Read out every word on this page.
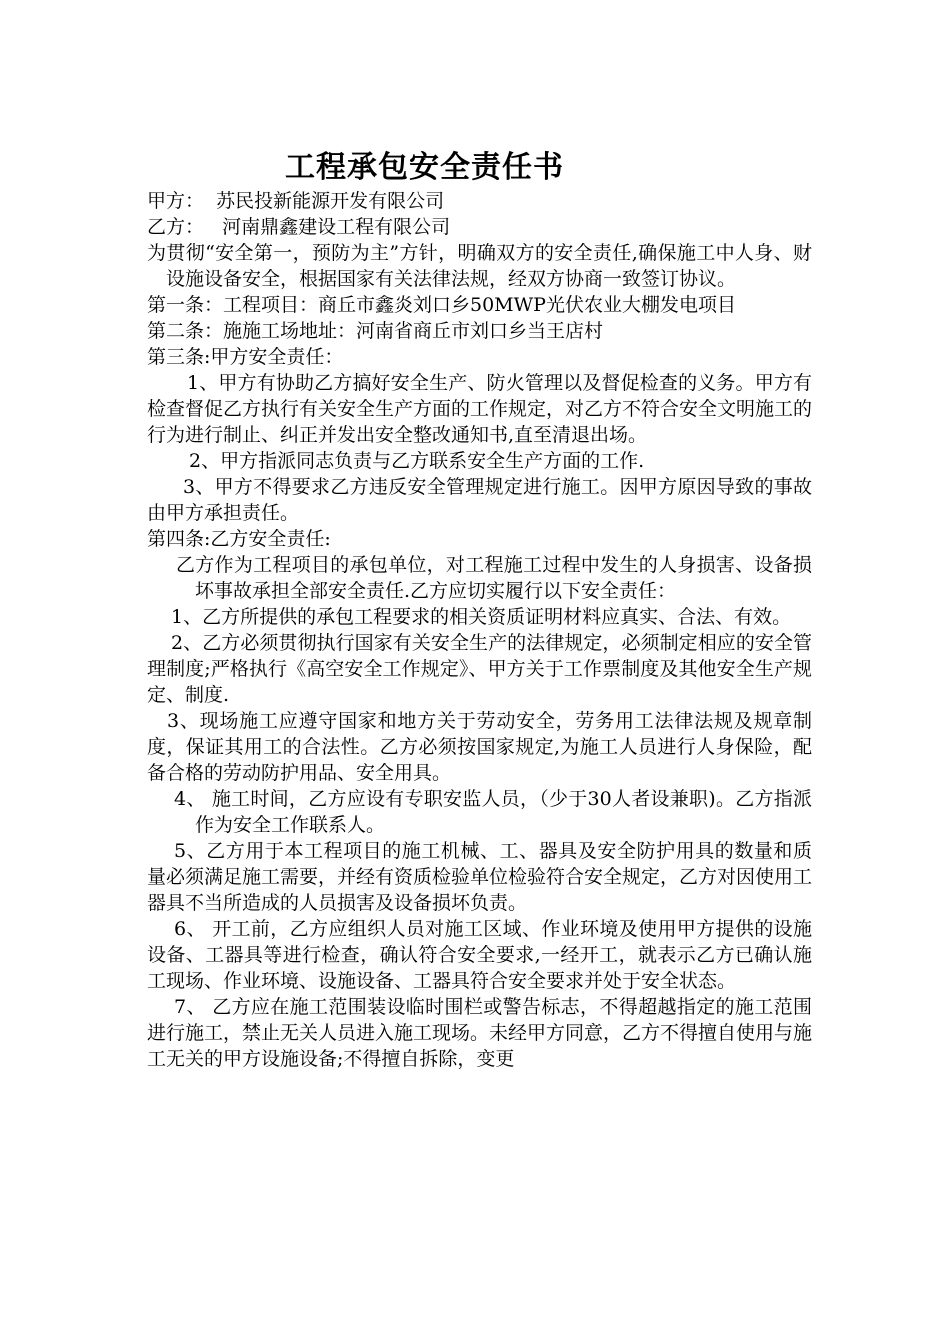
工程承包安全责任书

甲方：  苏民投新能源开发有限公司

乙方：   河南鼎鑫建设工程有限公司

为贯彻“安全第一，预防为主”方针，明确双方的安全责任,确保施工中人身、财设施设备安全，根据国家有关法律法规，经双方协商一致签订协议。

第一条：工程项目：商丘市鑫炎刘口乡50MWP光伏农业大棚发电项目

第二条：施施工场地址：河南省商丘市刘口乡当王店村

第三条:甲方安全责任：

1、甲方有协助乙方搞好安全生产、防火管理以及督促检查的义务。甲方有检查督促乙方执行有关安全生产方面的工作规定，对乙方不符合安全文明施工的行为进行制止、纠正并发出安全整改通知书,直至清退出场。

2、甲方指派同志负责与乙方联系安全生产方面的工作.

3、甲方不得要求乙方违反安全管理规定进行施工。因甲方原因导致的事故由甲方承担责任。

第四条:乙方安全责任:

乙方作为工程项目的承包单位，对工程施工过程中发生的人身损害、设备损坏事故承担全部安全责任.乙方应切实履行以下安全责任：

1、乙方所提供的承包工程要求的相关资质证明材料应真实、合法、有效。

2、乙方必须贯彻执行国家有关安全生产的法律规定，必须制定相应的安全管理制度;严格执行《高空安全工作规定》、甲方关于工作票制度及其他安全生产规定、制度.

3、现场施工应遵守国家和地方关于劳动安全，劳务用工法律法规及规章制度，保证其用工的合法性。乙方必须按国家规定,为施工人员进行人身保险，配备合格的劳动防护用品、安全用具。

4、 施工时间，乙方应设有专职安监人员，（少于30人者设兼职)。乙方指派作为安全工作联系人。

5、乙方用于本工程项目的施工机械、工、器具及安全防护用具的数量和质量必须满足施工需要，并经有资质检验单位检验符合安全规定，乙方对因使用工器具不当所造成的人员损害及设备损坏负责。

6、 开工前，乙方应组织人员对施工区域、作业环境及使用甲方提供的设施设备、工器具等进行检查，确认符合安全要求,一经开工，就表示乙方已确认施工现场、作业环境、设施设备、工器具符合安全要求并处于安全状态。

7、 乙方应在施工范围装设临时围栏或警告标志，不得超越指定的施工范围进行施工，禁止无关人员进入施工现场。未经甲方同意，乙方不得擅自使用与施工无关的甲方设施设备;不得擅自拆除，变更
